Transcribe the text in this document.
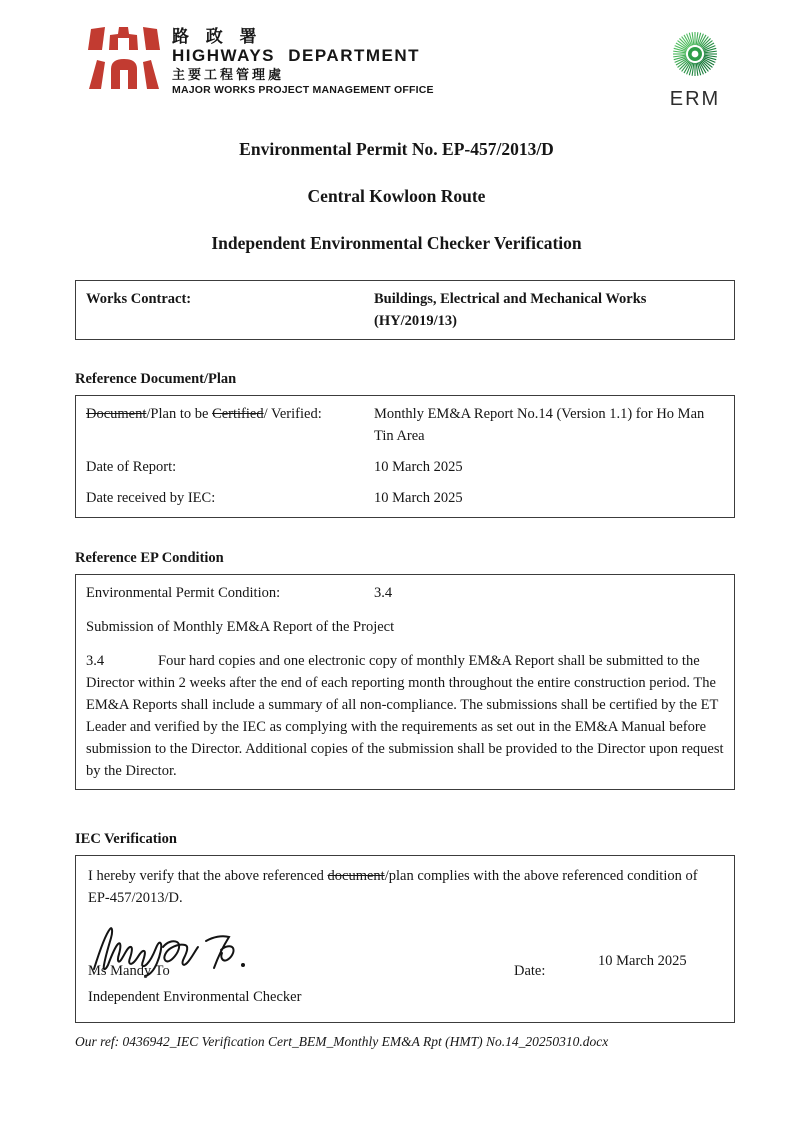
路 政 署
HIGHWAYS DEPARTMENT
主要工程管理處
MAJOR WORKS PROJECT MANAGEMENT OFFICE	ERM
Environmental Permit No. EP-457/2013/D
Central Kowloon Route
Independent Environmental Checker Verification
Works Contract:	Buildings, Electrical and Mechanical Works (HY/2019/13)
Reference Document/Plan
Document/Plan to be Certified/ Verified:	Monthly EM&A Report No.14 (Version 1.1) for Ho Man Tin Area
Date of Report:	10 March 2025
Date received by IEC:	10 March 2025
Reference EP Condition
Environmental Permit Condition:	3.4
Submission of Monthly EM&A Report of the Project
3.4	Four hard copies and one electronic copy of monthly EM&A Report shall be submitted to the Director within 2 weeks after the end of each reporting month throughout the entire construction period. The EM&A Reports shall include a summary of all non-compliance. The submissions shall be certified by the ET Leader and verified by the IEC as complying with the requirements as set out in the EM&A Manual before submission to the Director. Additional copies of the submission shall be provided to the Director upon request by the Director.
IEC Verification
I hereby verify that the above referenced document/plan complies with the above referenced condition of EP-457/2013/D.
Ms Mandy To
Independent Environmental Checker
Date:
10 March 2025
Our ref: 0436942_IEC Verification Cert_BEM_Monthly EM&A Rpt (HMT) No.14_20250310.docx
